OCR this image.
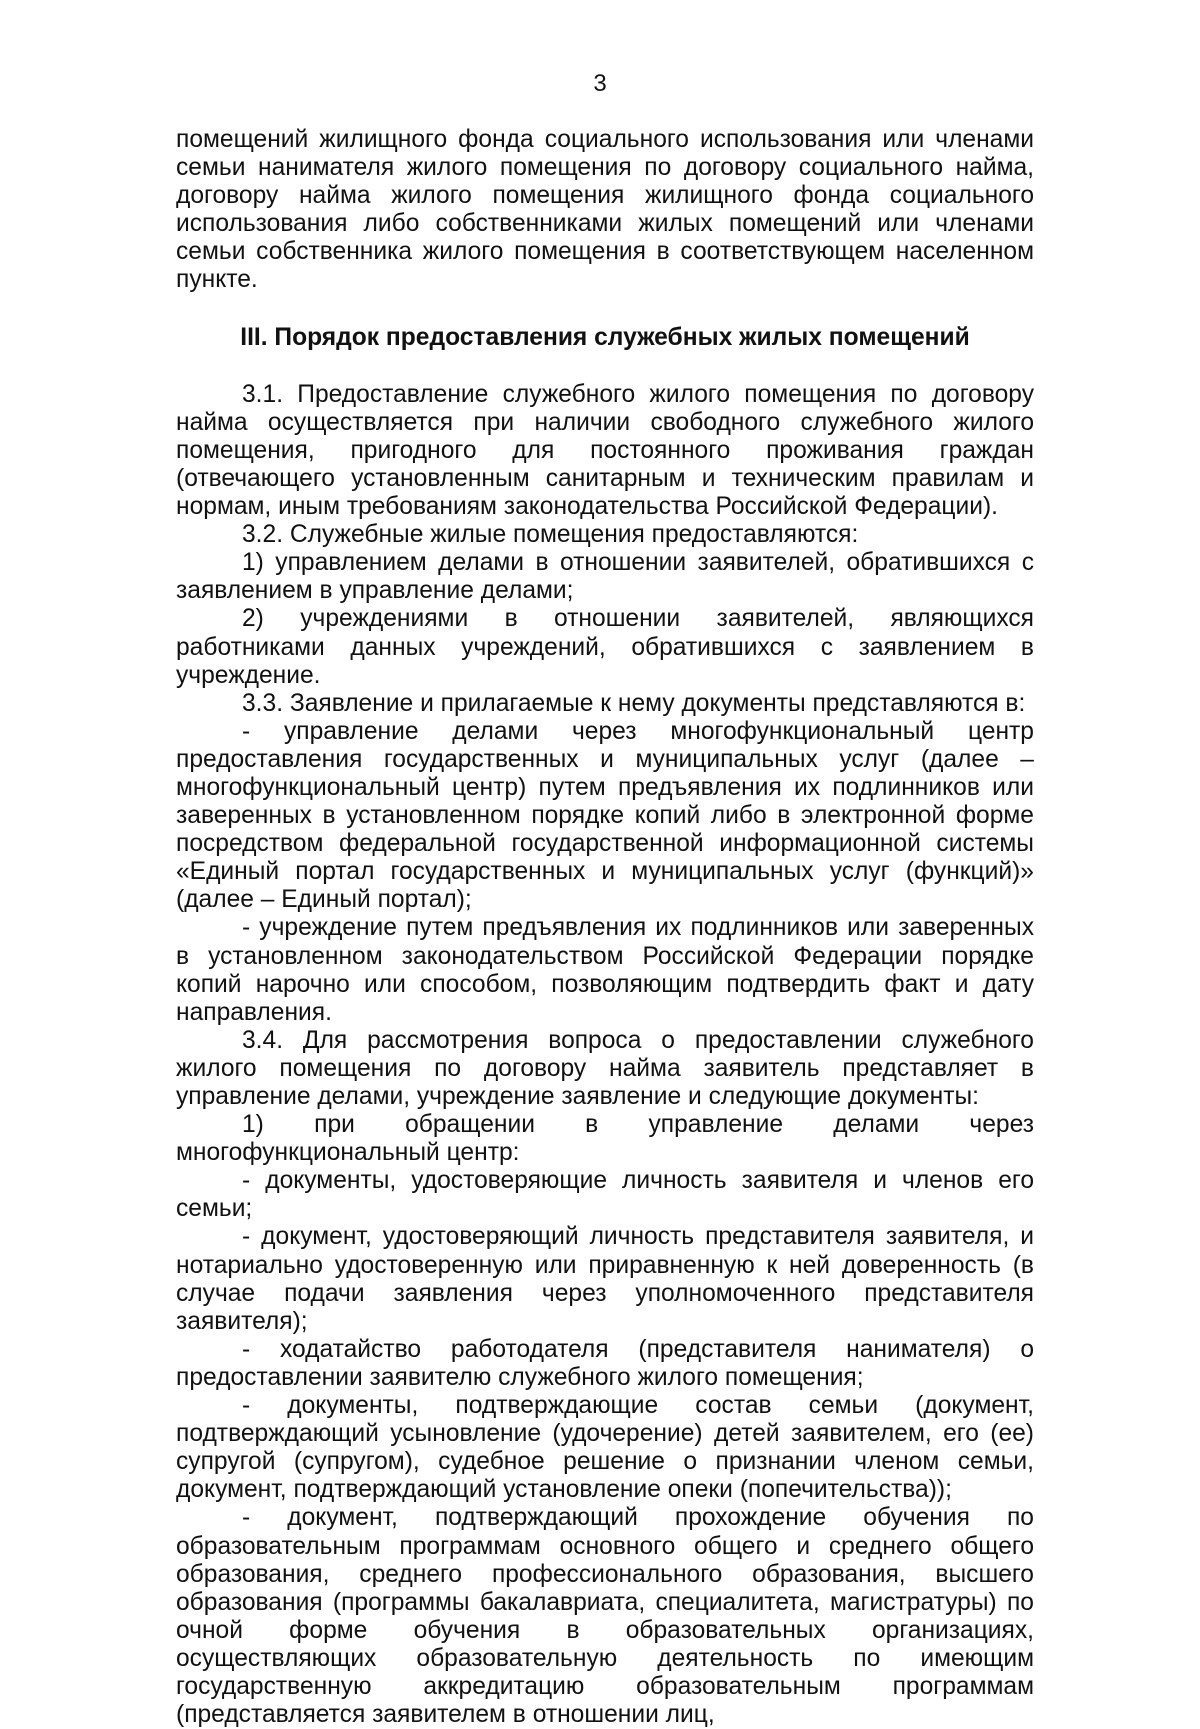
3

помещений жилищного фонда социального использования или членами семьи нанимателя жилого помещения по договору социального найма, договору найма жилого помещения жилищного фонда социального использования либо собственниками жилых помещений или членами семьи собственника жилого помещения в соответствующем населенном пункте.

III. Порядок предоставления служебных жилых помещений

3.1. Предоставление служебного жилого помещения по договору найма осуществляется при наличии свободного служебного жилого помещения, пригодного для постоянного проживания граждан (отвечающего установленным санитарным и техническим правилам и нормам, иным требованиям законодательства Российской Федерации).

3.2. Служебные жилые помещения предоставляются:

1) управлением делами в отношении заявителей, обратившихся с заявлением в управление делами;

2) учреждениями в отношении заявителей, являющихся работниками данных учреждений, обратившихся с заявлением в учреждение.

3.3. Заявление и прилагаемые к нему документы представляются в:

- управление делами через многофункциональный центр предоставления государственных и муниципальных услуг (далее – многофункциональный центр) путем предъявления их подлинников или заверенных в установленном порядке копий либо в электронной форме посредством федеральной государственной информационной системы «Единый портал государственных и муниципальных услуг (функций)» (далее – Единый портал);

- учреждение путем предъявления их подлинников или заверенных в установленном законодательством Российской Федерации порядке копий нарочно или способом, позволяющим подтвердить факт и дату направления.

3.4. Для рассмотрения вопроса о предоставлении служебного жилого помещения по договору найма заявитель представляет в управление делами, учреждение заявление и следующие документы:

1) при обращении в управление делами через многофункциональный центр:

- документы, удостоверяющие личность заявителя и членов его семьи;

- документ, удостоверяющий личность представителя заявителя, и нотариально удостоверенную или приравненную к ней доверенность (в случае подачи заявления через уполномоченного представителя заявителя);

- ходатайство работодателя (представителя нанимателя) о предоставлении заявителю служебного жилого помещения;

- документы, подтверждающие состав семьи (документ, подтверждающий усыновление (удочерение) детей заявителем, его (ее) супругой (супругом), судебное решение о признании членом семьи, документ, подтверждающий установление опеки (попечительства));

- документ, подтверждающий прохождение обучения по образовательным программам основного общего и среднего общего образования, среднего профессионального образования, высшего образования (программы бакалавриата, специалитета, магистратуры) по очной форме обучения в образовательных организациях, осуществляющих образовательную деятельность по имеющим государственную аккредитацию образовательным программам (представляется заявителем в отношении лиц,
